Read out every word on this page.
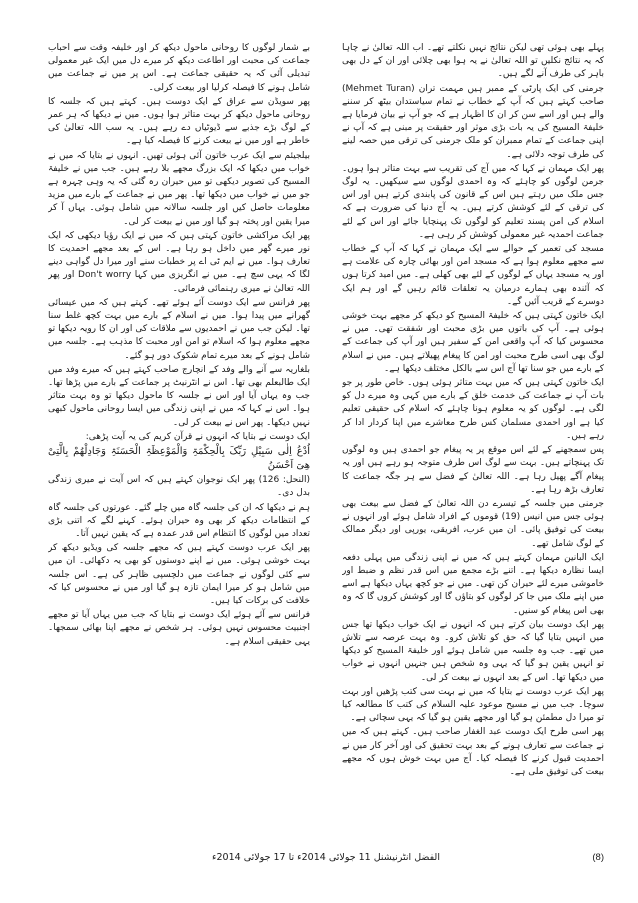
پہلے بھی ہوئی تھی لیکن نتائج نہیں نکلتے تھے۔ اب اللہ تعالیٰ نے چاہا کہ یہ نتائج نکلیں تو اللہ تعالیٰ نے یہ ہوا بھی چلائی اور ان کے دل بھی باہر کی طرف آنے لگے ہیں۔

جرمنی کی ایک پارٹی کے ممبر ہیں مہمت تران (Mehmet Turan) صاحب کہتے ہیں کہ آپ کے خطاب نے تمام سیاستدان بیٹھ کر سننے والے ہیں اور اسے سن کر ان کا اظہار ہے کہ جو آپ نے بیان فرمایا ہے خلیفۃ المسیح کی یہ بات بڑی موثر اور حقیقت پر مبنی ہے کہ آپ نے اپنی جماعت کے تمام ممبران کو ملک جرمنی کی ترقی میں حصہ لینے کی طرف توجہ دلائی ہے۔

پھر ایک مہمان نے کہا کہ میں آج کی تقریب سے بہت متاثر ہوا ہوں۔ جرمن لوگوں کو چاہئے کہ وہ احمدی لوگوں سے سیکھیں۔ یہ لوگ جس ملک میں رہتے ہیں اس کے قانون کی پابندی کرتے ہیں اور اس کی ترقی کے لئے کوشش کرتے ہیں۔ یہ آج دنیا کی ضرورت ہے کہ اسلام کی امن پسند تعلیم کو لوگوں تک پہنچایا جائے اور اس کے لئے جماعت احمدیہ غیر معمولی کوشش کر رہی ہے۔

مسجد کی تعمیر کے حوالے سے ایک مہمان نے کہا کہ آپ کے خطاب سے مجھے معلوم ہوا ہے کہ مسجد امن اور بھائی چارہ کی علامت ہے اور یہ مسجد یہاں کے لوگوں کے لئے بھی کھلی ہے۔ میں امید کرتا ہوں کہ آئندہ بھی ہمارے درمیان یہ تعلقات قائم رہیں گے اور ہم ایک دوسرے کے قریب آئیں گے۔

ایک خاتون کہتی ہیں کہ خلیفۃ المسیح کو دیکھ کر مجھے بہت خوشی ہوئی ہے۔ آپ کی باتوں میں بڑی محبت اور شفقت تھی۔ میں نے محسوس کیا کہ آپ واقعی امن کے سفیر ہیں اور آپ کی جماعت کے لوگ بھی اسی طرح محبت اور امن کا پیغام پھیلاتے ہیں۔ میں نے اسلام کے بارے میں جو سنا تھا آج اس سے بالکل مختلف دیکھا ہے۔

ایک خاتون کہتی ہیں کہ میں بہت متاثر ہوئی ہوں۔ خاص طور پر جو بات آپ نے جماعت کی خدمت خلق کے بارے میں کہی وہ میرے دل کو لگی ہے۔ لوگوں کو یہ معلوم ہونا چاہئے کہ اسلام کی حقیقی تعلیم کیا ہے اور احمدی مسلمان کس طرح معاشرے میں اپنا کردار ادا کر رہے ہیں۔

پس سمجھنے کے لئے اس موقع پر یہ پیغام جو احمدی ہیں وہ لوگوں تک پہنچاتے ہیں۔ بہت سے لوگ اس طرف متوجہ ہو رہے ہیں اور یہ پیغام آگے پھیل رہا ہے۔ اللہ تعالیٰ کے فضل سے ہر جگہ جماعت کا تعارف بڑھ رہا ہے۔

جرمنی میں جلسہ کے تیسرے دن اللہ تعالیٰ کے فضل سے بیعت بھی ہوئی جس میں انیس (19) قوموں کے افراد شامل ہوئے اور انہوں نے بیعت کی توفیق پائی۔ ان میں عرب، افریقی، یورپی اور دیگر ممالک کے لوگ شامل تھے۔

ایک البانین مہمان کہتے ہیں کہ میں نے اپنی زندگی میں پہلی دفعہ ایسا نظارہ دیکھا ہے۔ اتنے بڑے مجمع میں اس قدر نظم و ضبط اور خاموشی میرے لئے حیران کن تھی۔ میں نے جو کچھ یہاں دیکھا ہے اسے میں اپنے ملک میں جا کر لوگوں کو بتاؤں گا اور کوشش کروں گا کہ وہ بھی اس پیغام کو سنیں۔

پھر ایک دوست بیان کرتے ہیں کہ انہوں نے ایک خواب دیکھا تھا جس میں انہیں بتایا گیا کہ حق کو تلاش کرو۔ وہ بہت عرصہ سے تلاش میں تھے۔ جب وہ جلسہ میں شامل ہوئے اور خلیفۃ المسیح کو دیکھا تو انہیں یقین ہو گیا کہ یہی وہ شخص ہیں جنہیں انہوں نے خواب میں دیکھا تھا۔ اس کے بعد انہوں نے بیعت کر لی۔

پھر ایک عرب دوست نے بتایا کہ میں نے بہت سی کتب پڑھیں اور بہت سوچا۔ جب میں نے مسیح موعود علیہ السلام کی کتب کا مطالعہ کیا تو میرا دل مطمئن ہو گیا اور مجھے یقین ہو گیا کہ یہی سچائی ہے۔

پھر اسی طرح ایک دوست عبد الغفار صاحب ہیں۔ کہتے ہیں کہ میں نے جماعت سے تعارف ہونے کے بعد بہت تحقیق کی اور آخر کار میں نے احمدیت قبول کرنے کا فیصلہ کیا۔ آج میں بہت خوش ہوں کہ مجھے بیعت کی توفیق ملی ہے۔

بے شمار لوگوں کا روحانی ماحول دیکھ کر اور خلیفہ وقت سے احباب جماعت کی محبت اور اطاعت دیکھ کر میرے دل میں ایک غیر معمولی تبدیلی آئی کہ یہ حقیقی جماعت ہے۔ اس پر میں نے جماعت میں شامل ہونے کا فیصلہ کرلیا اور بیعت کرلی۔

پھر سویڈن سے عراق کے ایک دوست ہیں۔ کہتے ہیں کہ جلسہ کا روحانی ماحول دیکھ کر بہت متاثر ہوا ہوں۔ میں نے دیکھا کہ ہر عمر کے لوگ بڑے جذبے سے ڈیوٹیاں دے رہے ہیں۔ یہ سب اللہ تعالیٰ کی خاطر ہے اور میں نے بیعت کرنے کا فیصلہ کیا ہے۔

بیلجیئم سے ایک عرب خاتون آئی ہوئی تھیں۔ انہوں نے بتایا کہ میں نے خواب میں دیکھا کہ ایک بزرگ مجھے بلا رہے ہیں۔ جب میں نے خلیفۃ المسیح کی تصویر دیکھی تو میں حیران رہ گئی کہ یہ وہی چہرہ ہے جو میں نے خواب میں دیکھا تھا۔ پھر میں نے جماعت کے بارے میں مزید معلومات حاصل کیں اور جلسہ سالانہ میں شامل ہوئی۔ یہاں آ کر میرا یقین اور پختہ ہو گیا اور میں نے بیعت کر لی۔

پھر ایک مراکشی خاتون کہتی ہیں کہ میں نے ایک رؤیا دیکھی کہ ایک نور میرے گھر میں داخل ہو رہا ہے۔ اس کے بعد مجھے احمدیت کا تعارف ہوا۔ میں نے ایم ٹی اے پر خطبات سنے اور میرا دل گواہی دینے لگا کہ یہی سچ ہے۔ میں نے انگریزی میں کہا Don't worry اور پھر اللہ تعالیٰ نے میری رہنمائی فرمائی۔

پھر فرانس سے ایک دوست آئے ہوئے تھے۔ کہتے ہیں کہ میں عیسائی گھرانے میں پیدا ہوا۔ میں نے اسلام کے بارے میں بہت کچھ غلط سنا تھا۔ لیکن جب میں نے احمدیوں سے ملاقات کی اور ان کا رویہ دیکھا تو مجھے معلوم ہوا کہ اسلام تو امن اور محبت کا مذہب ہے۔ جلسہ میں شامل ہونے کے بعد میرے تمام شکوک دور ہو گئے۔

بلغاریہ سے آنے والے وفد کے انچارج صاحب کہتے ہیں کہ میرے وفد میں ایک طالبعلم بھی تھا۔ اس نے انٹرنیٹ پر جماعت کے بارے میں پڑھا تھا۔ جب وہ یہاں آیا اور اس نے جلسہ کا ماحول دیکھا تو وہ بہت متاثر ہوا۔ اس نے کہا کہ میں نے اپنی زندگی میں ایسا روحانی ماحول کبھی نہیں دیکھا۔ پھر اس نے بیعت کر لی۔

ایک دوست نے بتایا کہ انہوں نے قرآن کریم کی یہ آیت پڑھی:

اُدْعُ اِلٰی سَبِیْلِ رَبِّکَ بِالْحِکْمَۃِ وَالْمَوْعِظَۃِ الْحَسَنَۃِ وَجَادِلْھُمْ بِالَّتِیْ ھِیَ اَحْسَنُ

(النحل: 126) پھر ایک نوجوان کہتے ہیں کہ اس آیت نے میری زندگی بدل دی۔

ہم نے دیکھا کہ ان کی جلسہ گاہ میں چلے گئے۔ عورتوں کی جلسہ گاہ کے انتظامات دیکھ کر بھی وہ حیران ہوئے۔ کہنے لگے کہ اتنی بڑی تعداد میں لوگوں کا انتظام اس قدر عمدہ ہے کہ یقین نہیں آتا۔

پھر ایک عرب دوست کہتے ہیں کہ مجھے جلسہ کی ویڈیو دیکھ کر بہت خوشی ہوئی۔ میں نے اپنے دوستوں کو بھی یہ دکھائی۔ ان میں سے کئی لوگوں نے جماعت میں دلچسپی ظاہر کی ہے۔ اس جلسہ میں شامل ہو کر میرا ایمان تازہ ہو گیا اور میں نے محسوس کیا کہ خلافت کی برکات کیا ہیں۔

فرانس سے آئے ہوئے ایک دوست نے بتایا کہ جب میں یہاں آیا تو مجھے اجنبیت محسوس نہیں ہوئی۔ ہر شخص نے مجھے اپنا بھائی سمجھا۔ یہی حقیقی اسلام ہے۔

الفضل انٹرنیشنل 11 جولائی 2014ء تا 17 جولائی 2014ء	(8)
